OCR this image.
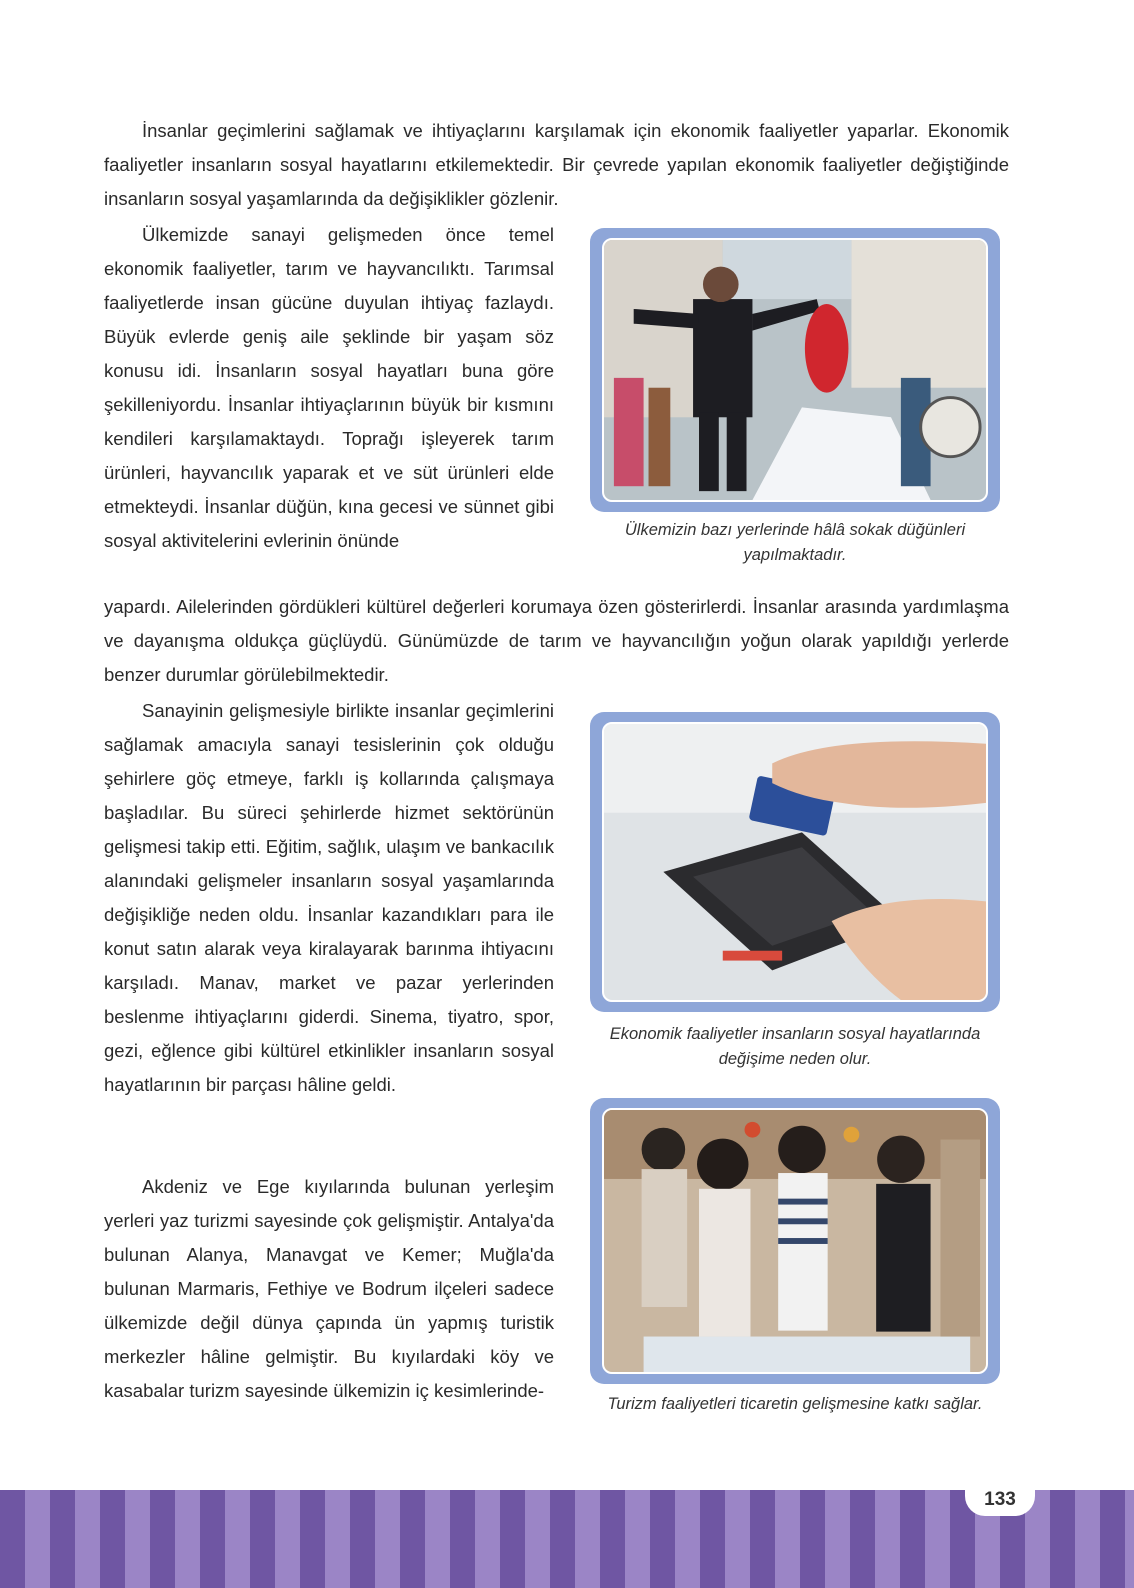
İnsanlar geçimlerini sağlamak ve ihtiyaçlarını karşılamak için ekonomik faaliyetler yaparlar. Ekonomik faaliyetler insanların sosyal hayatlarını etkilemektedir. Bir çevrede yapılan ekonomik faaliyetler değiştiğinde insanların sosyal yaşamlarında da değişiklikler gözlenir.

Ülkemizde sanayi gelişmeden önce temel ekonomik faaliyetler, tarım ve hayvancılıktı. Tarımsal faaliyetlerde insan gücüne duyulan ihtiyaç fazlaydı. Büyük evlerde geniş aile şeklinde bir yaşam söz konusu idi. İnsanların sosyal hayatları buna göre şekilleniyordu. İnsanlar ihtiyaçlarının büyük bir kısmını kendileri karşılamaktaydı. Toprağı işleyerek tarım ürünleri, hayvancılık yaparak et ve süt ürünleri elde etmekteydi. İnsanlar düğün, kına gecesi ve sünnet gibi sosyal aktivitelerini evlerinin önünde	Ülkemizin bazı yerlerinde hâlâ sokak düğünleri yapılmaktadır.

yapardı. Ailelerinden gördükleri kültürel değerleri korumaya özen gösterirlerdi. İnsanlar arasında yardımlaşma ve dayanışma oldukça güçlüydü. Günümüzde de tarım ve hayvancılığın yoğun olarak yapıldığı yerlerde benzer durumlar görülebilmektedir.

Sanayinin gelişmesiyle birlikte insanlar geçimlerini sağlamak amacıyla sanayi tesislerinin çok olduğu şehirlere göç etmeye, farklı iş kollarında çalışmaya başladılar. Bu süreci şehirlerde hizmet sektörünün gelişmesi takip etti. Eğitim, sağlık, ulaşım ve bankacılık alanındaki gelişmeler insanların sosyal yaşamlarında değişikliğe neden oldu. İnsanlar kazandıkları para ile konut satın alarak veya kiralayarak barınma ihtiyacını karşıladı. Manav, market ve pazar yerlerinden beslenme ihtiyaçlarını giderdi. Sinema, tiyatro, spor, gezi, eğlence gibi kültürel etkinlikler insanların sosyal hayatlarının bir parçası hâline geldi.

Ekonomik faaliyetler insanların sosyal hayatlarında değişime neden olur.

Akdeniz ve Ege kıyılarında bulunan yerleşim yerleri yaz turizmi sayesinde çok gelişmiştir. Antalya'da bulunan Alanya, Manavgat ve Kemer; Muğla'da bulunan Marmaris, Fethiye ve Bodrum ilçeleri sadece ülkemizde değil dünya çapında ün yapmış turistik merkezler hâline gelmiştir. Bu kıyılardaki köy ve kasabalar turizm sayesinde ülkemizin iç kesimlerinde-

Turizm faaliyetleri ticaretin gelişmesine katkı sağlar.

133
